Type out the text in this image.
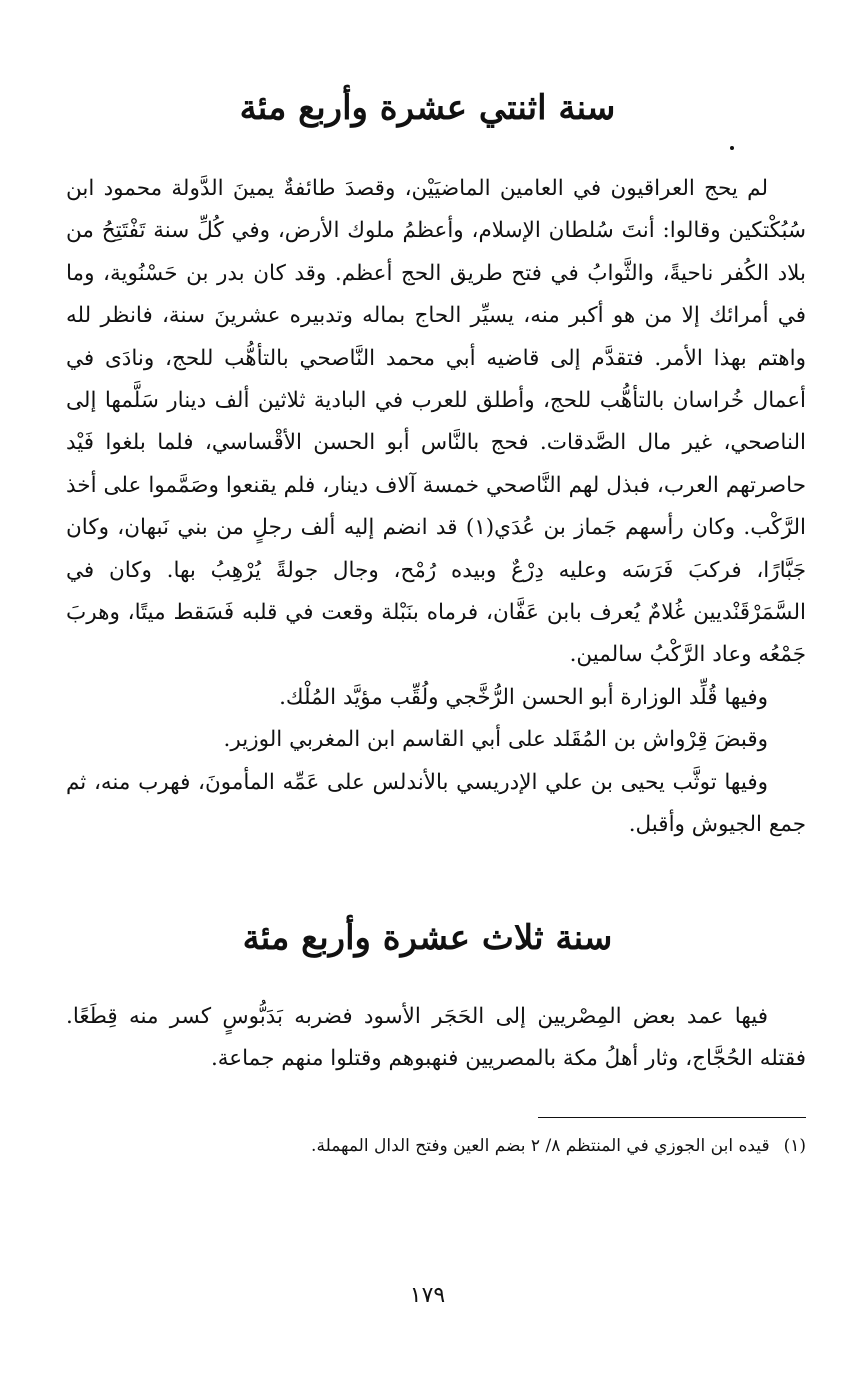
سنة اثنتي عشرة وأربع مئة

لم يحج العراقيون في العامين الماضيَيْن، وقصدَ طائفةٌ يمينَ الدَّولة محمود ابن سُبُكْتكين وقالوا: أنتَ سُلطان الإسلام، وأعظمُ ملوك الأرض، وفي كُلِّ سنة تَفْتَتِحُ من بلاد الكُفر ناحيةً، والثَّوابُ في فتح طريق الحج أعظم. وقد كان بدر بن حَسْنُوية، وما في أمرائك إلا من هو أكبر منه، يسيِّر الحاج بماله وتدبيره عشرينَ سنة، فانظر لله واهتم بهذا الأمر. فتقدَّم إلى قاضيه أبي محمد النَّاصحي بالتأهُّب للحج، ونادَى في أعمال خُراسان بالتأهُّب للحج، وأطلق للعرب في البادية ثلاثين ألف دينار سَلَّمها إلى الناصحي، غير مال الصَّدقات. فحج بالنَّاس أبو الحسن الأقْساسي، فلما بلغوا فَيْد حاصرتهم العرب، فبذل لهم النَّاصحي خمسة آلاف دينار، فلم يقنعوا وصَمَّموا على أخذ الرَّكْب. وكان رأسهم جَماز بن عُدَي(١) قد انضم إليه ألف رجلٍ من بني نَبهان، وكان جَبَّارًا، فركبَ فَرَسَه وعليه دِرْعٌ وبيده رُمْح، وجال جولةً يُرْهِبُ بها. وكان في السَّمَرْقَنْديين غُلامٌ يُعرف بابن عَفَّان، فرماه بنَبْلة وقعت في قلبه فَسَقط ميتًا، وهربَ جَمْعُه وعاد الرَّكْبُ سالمين.

وفيها قُلِّد الوزارة أبو الحسن الرُّخَّجي ولُقِّب مؤيَّد المُلْك.

وقبضَ قِرْواش بن المُقَلد على أبي القاسم ابن المغربي الوزير.

وفيها توثَّب يحيى بن علي الإدريسي بالأندلس على عَمِّه المأمونَ، فهرب منه، ثم جمع الجيوش وأقبل.

سنة ثلاث عشرة وأربع مئة

فيها عمد بعض المِصْريين إلى الحَجَر الأسود فضربه بَدَبُّوسٍ كسر منه قِطَعًا. فقتله الحُجَّاج، وثار أهلُ مكة بالمصريين فنهبوهم وقتلوا منهم جماعة.

(١)قيده ابن الجوزي في المنتظم ٨/ ٢ بضم العين وفتح الدال المهملة.
١٧٩
